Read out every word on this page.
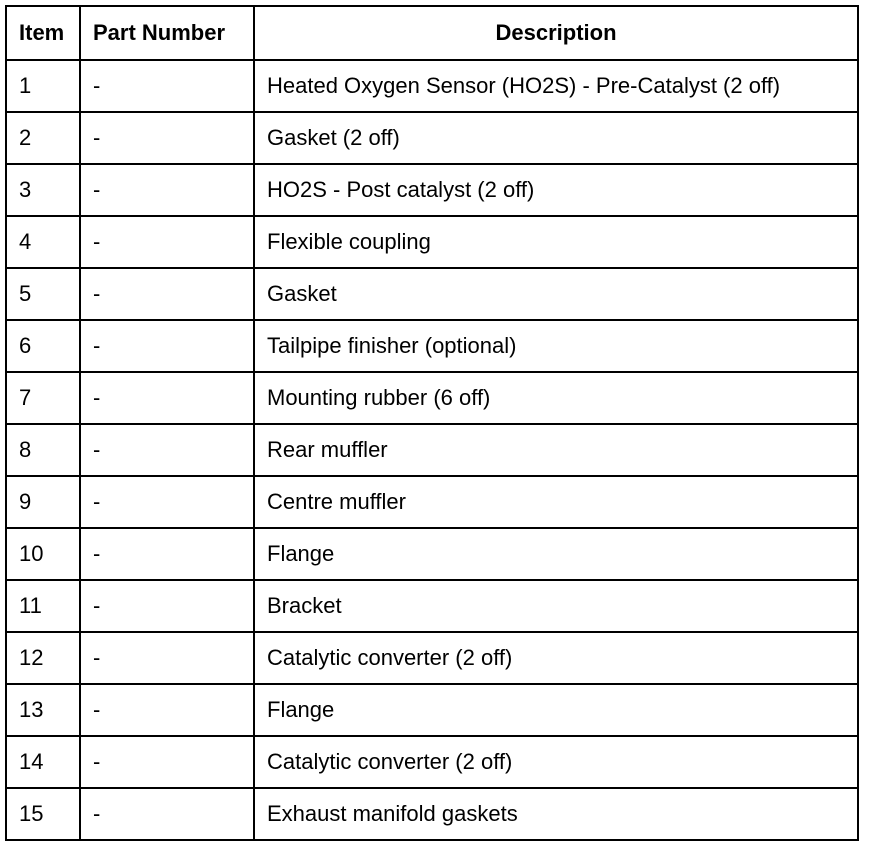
Item	Part Number	Description
1	-	Heated Oxygen Sensor (HO2S) - Pre-Catalyst (2 off)
2	-	Gasket (2 off)
3	-	HO2S - Post catalyst (2 off)
4	-	Flexible coupling
5	-	Gasket
6	-	Tailpipe finisher (optional)
7	-	Mounting rubber (6 off)
8	-	Rear muffler
9	-	Centre muffler
10	-	Flange
11	-	Bracket
12	-	Catalytic converter (2 off)
13	-	Flange
14	-	Catalytic converter (2 off)
15	-	Exhaust manifold gaskets
